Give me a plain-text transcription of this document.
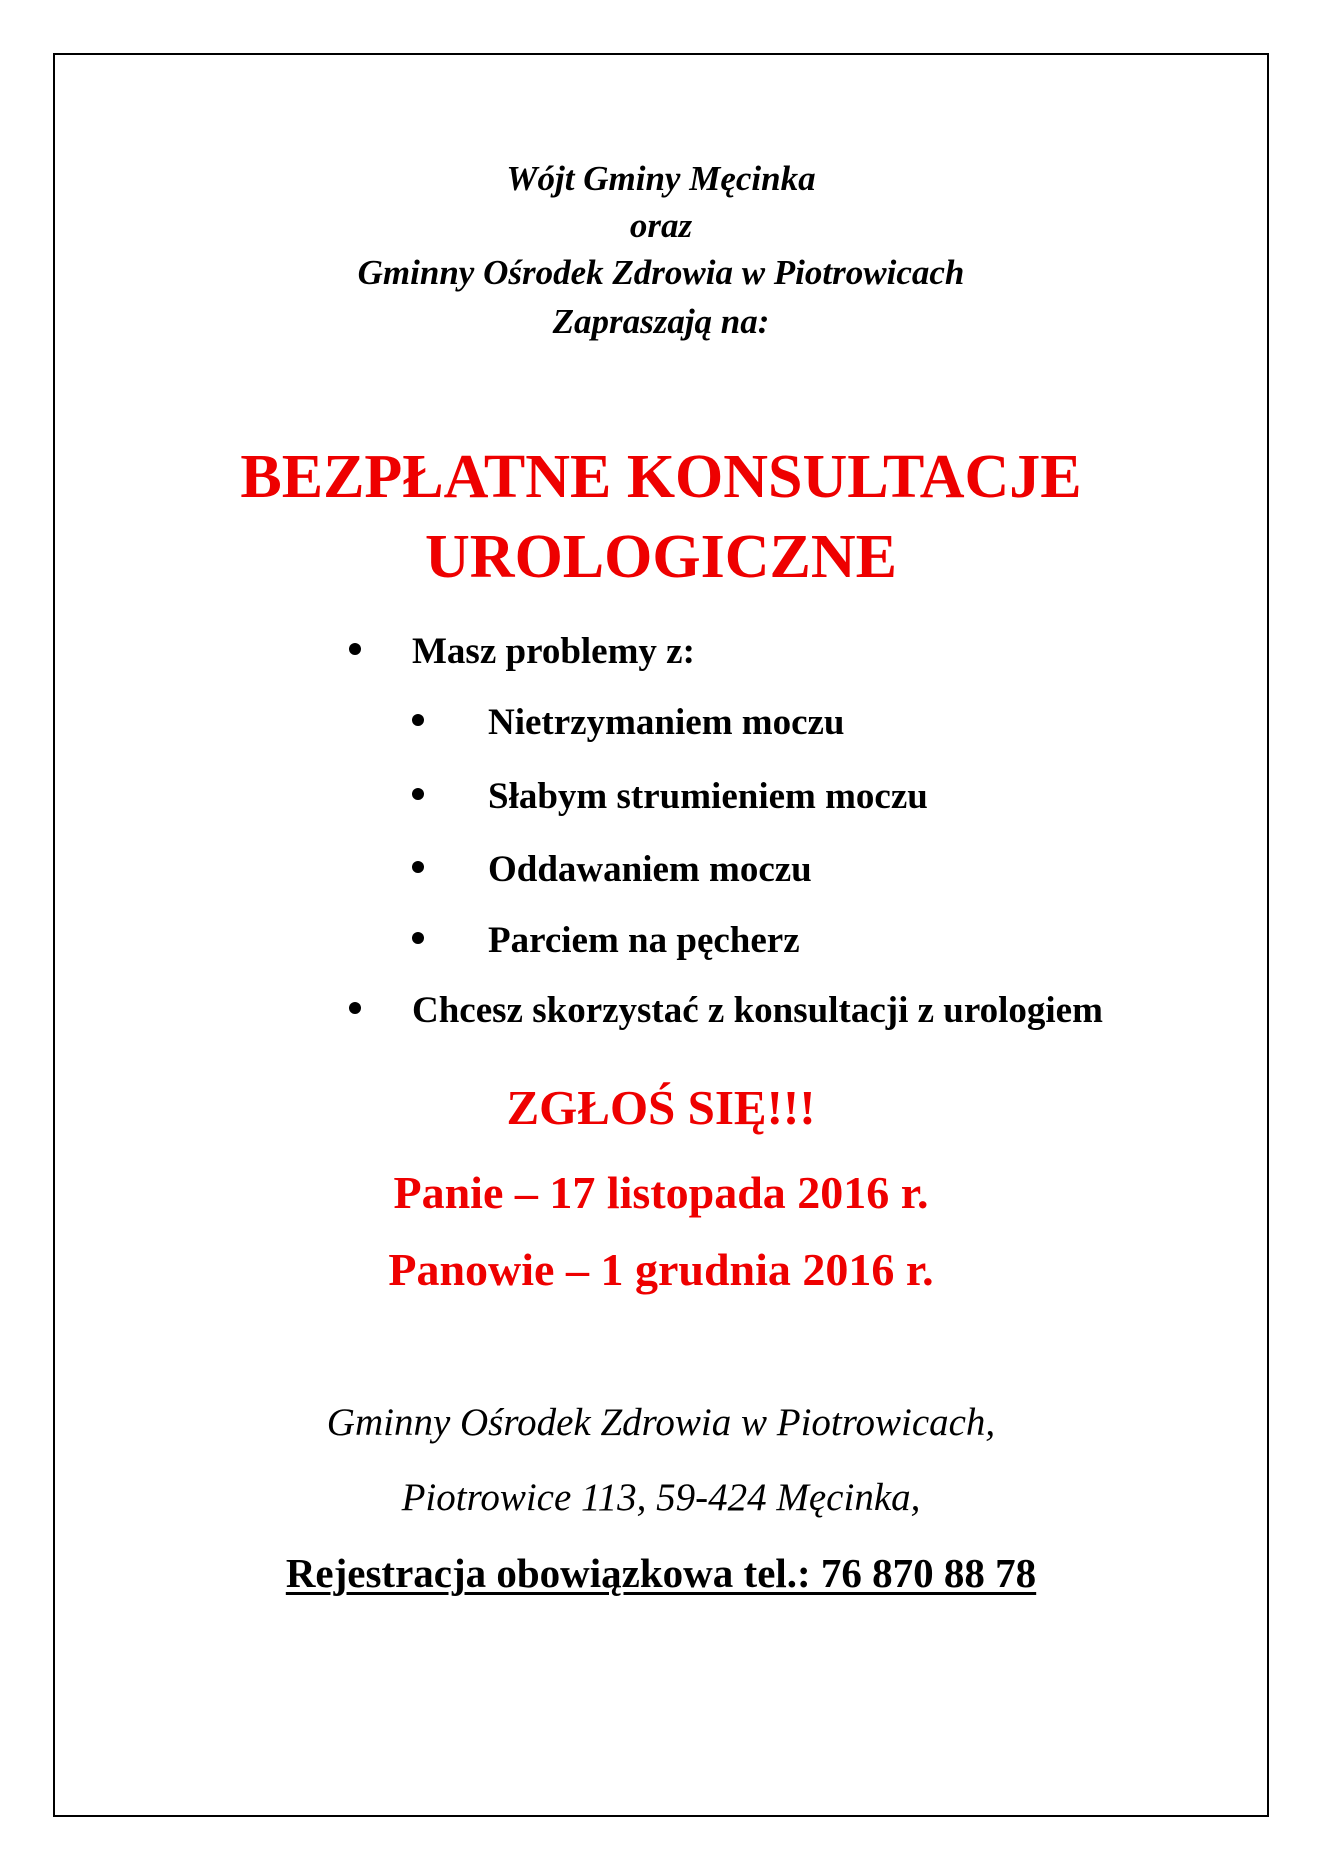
Wójt Gminy Męcinka
oraz
Gminny Ośrodek Zdrowia w Piotrowicach
Zapraszają na:
BEZPŁATNE KONSULTACJE
UROLOGICZNE
Masz problemy z:
Nietrzymaniem moczu
Słabym strumieniem moczu
Oddawaniem moczu
Parciem na pęcherz
Chcesz skorzystać z konsultacji z urologiem
ZGŁOŚ SIĘ!!!
Panie – 17 listopada 2016 r.
Panowie – 1 grudnia 2016 r.
Gminny Ośrodek Zdrowia w Piotrowicach,
Piotrowice 113, 59-424 Męcinka,
Rejestracja obowiązkowa tel.: 76 870 88 78
